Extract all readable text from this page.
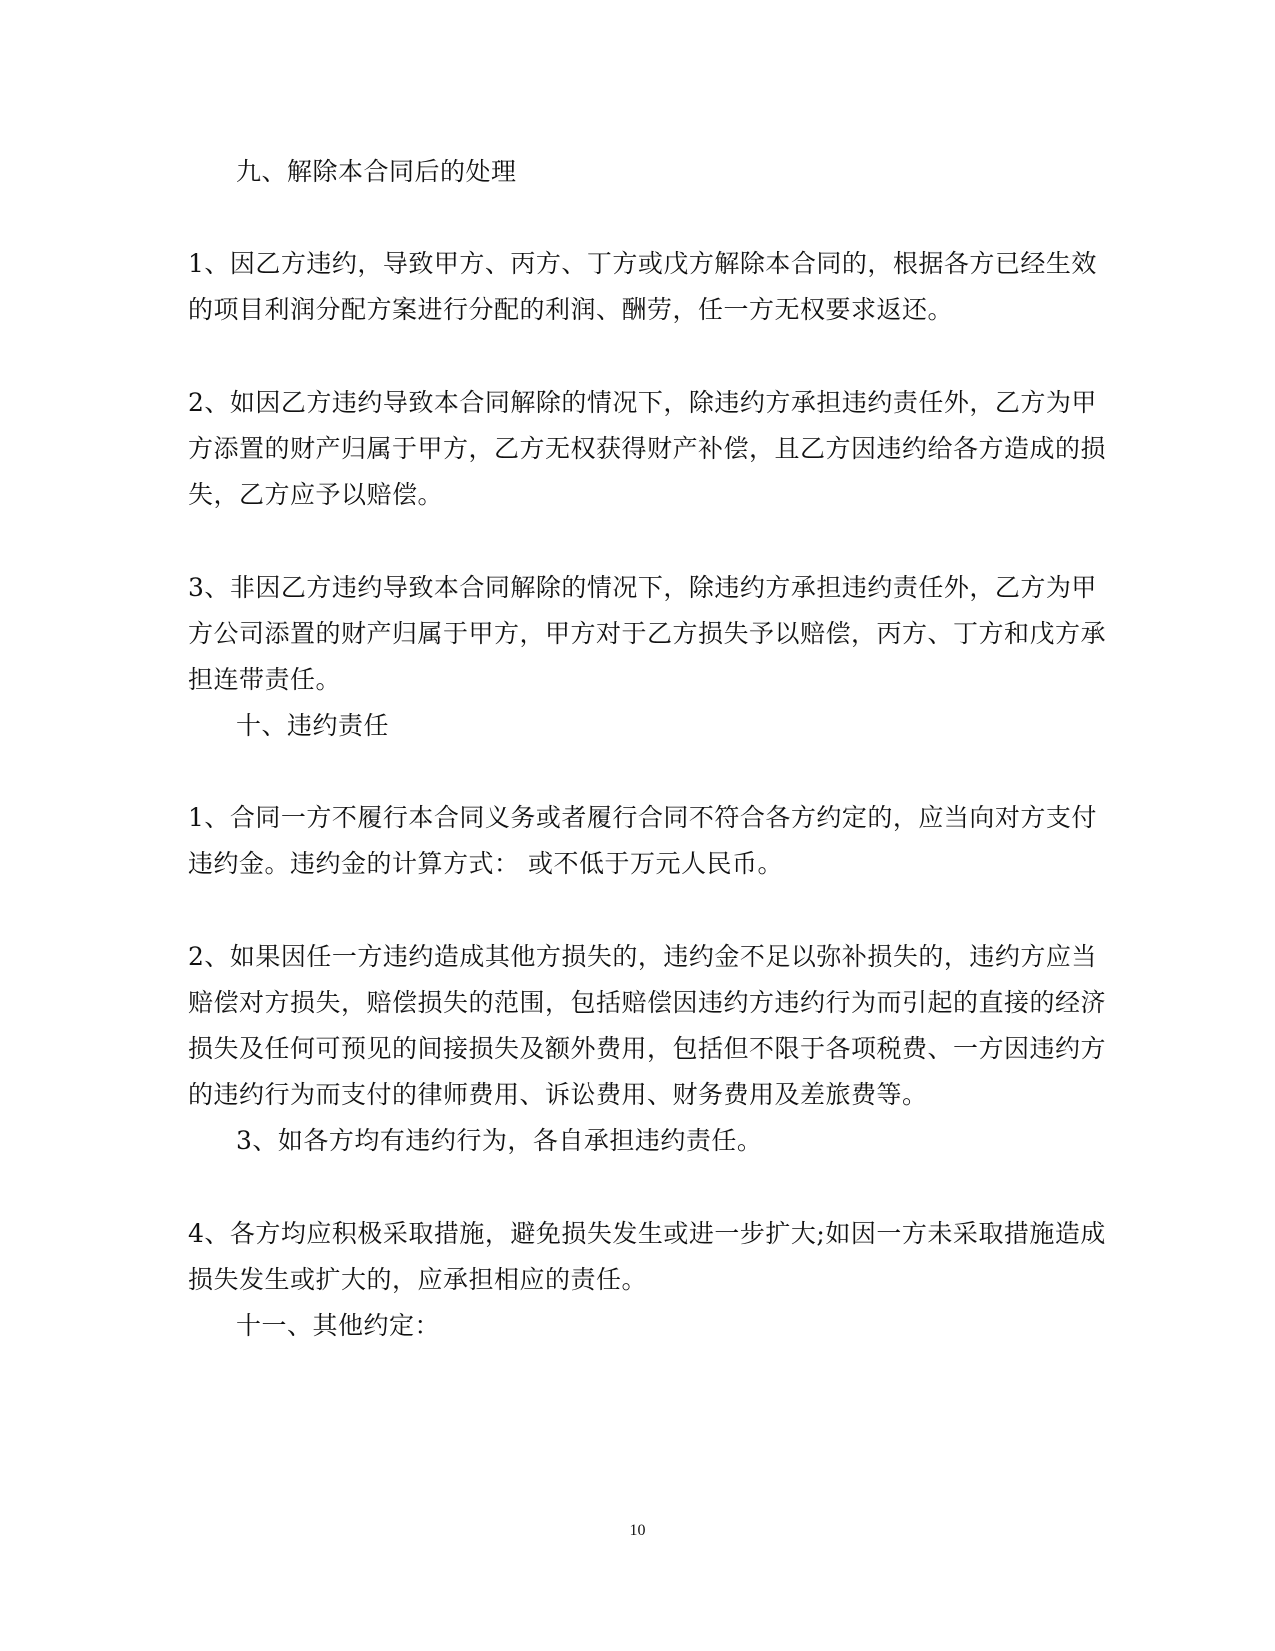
九、解除本合同后的处理
1、因乙方违约，导致甲方、丙方、丁方或戊方解除本合同的，根据各方已经生效
的项目利润分配方案进行分配的利润、酬劳，任一方无权要求返还。
2、如因乙方违约导致本合同解除的情况下，除违约方承担违约责任外，乙方为甲
方添置的财产归属于甲方，乙方无权获得财产补偿，且乙方因违约给各方造成的损
失，乙方应予以赔偿。
3、非因乙方违约导致本合同解除的情况下，除违约方承担违约责任外，乙方为甲
方公司添置的财产归属于甲方，甲方对于乙方损失予以赔偿，丙方、丁方和戊方承
担连带责任。
十、违约责任
1、合同一方不履行本合同义务或者履行合同不符合各方约定的，应当向对方支付
违约金。违约金的计算方式： 或不低于万元人民币。
2、如果因任一方违约造成其他方损失的，违约金不足以弥补损失的，违约方应当
赔偿对方损失，赔偿损失的范围，包括赔偿因违约方违约行为而引起的直接的经济
损失及任何可预见的间接损失及额外费用，包括但不限于各项税费、一方因违约方
的违约行为而支付的律师费用、诉讼费用、财务费用及差旅费等。
3、如各方均有违约行为，各自承担违约责任。
4、各方均应积极采取措施，避免损失发生或进一步扩大;如因一方未采取措施造成
损失发生或扩大的，应承担相应的责任。
十一、其他约定：
10
